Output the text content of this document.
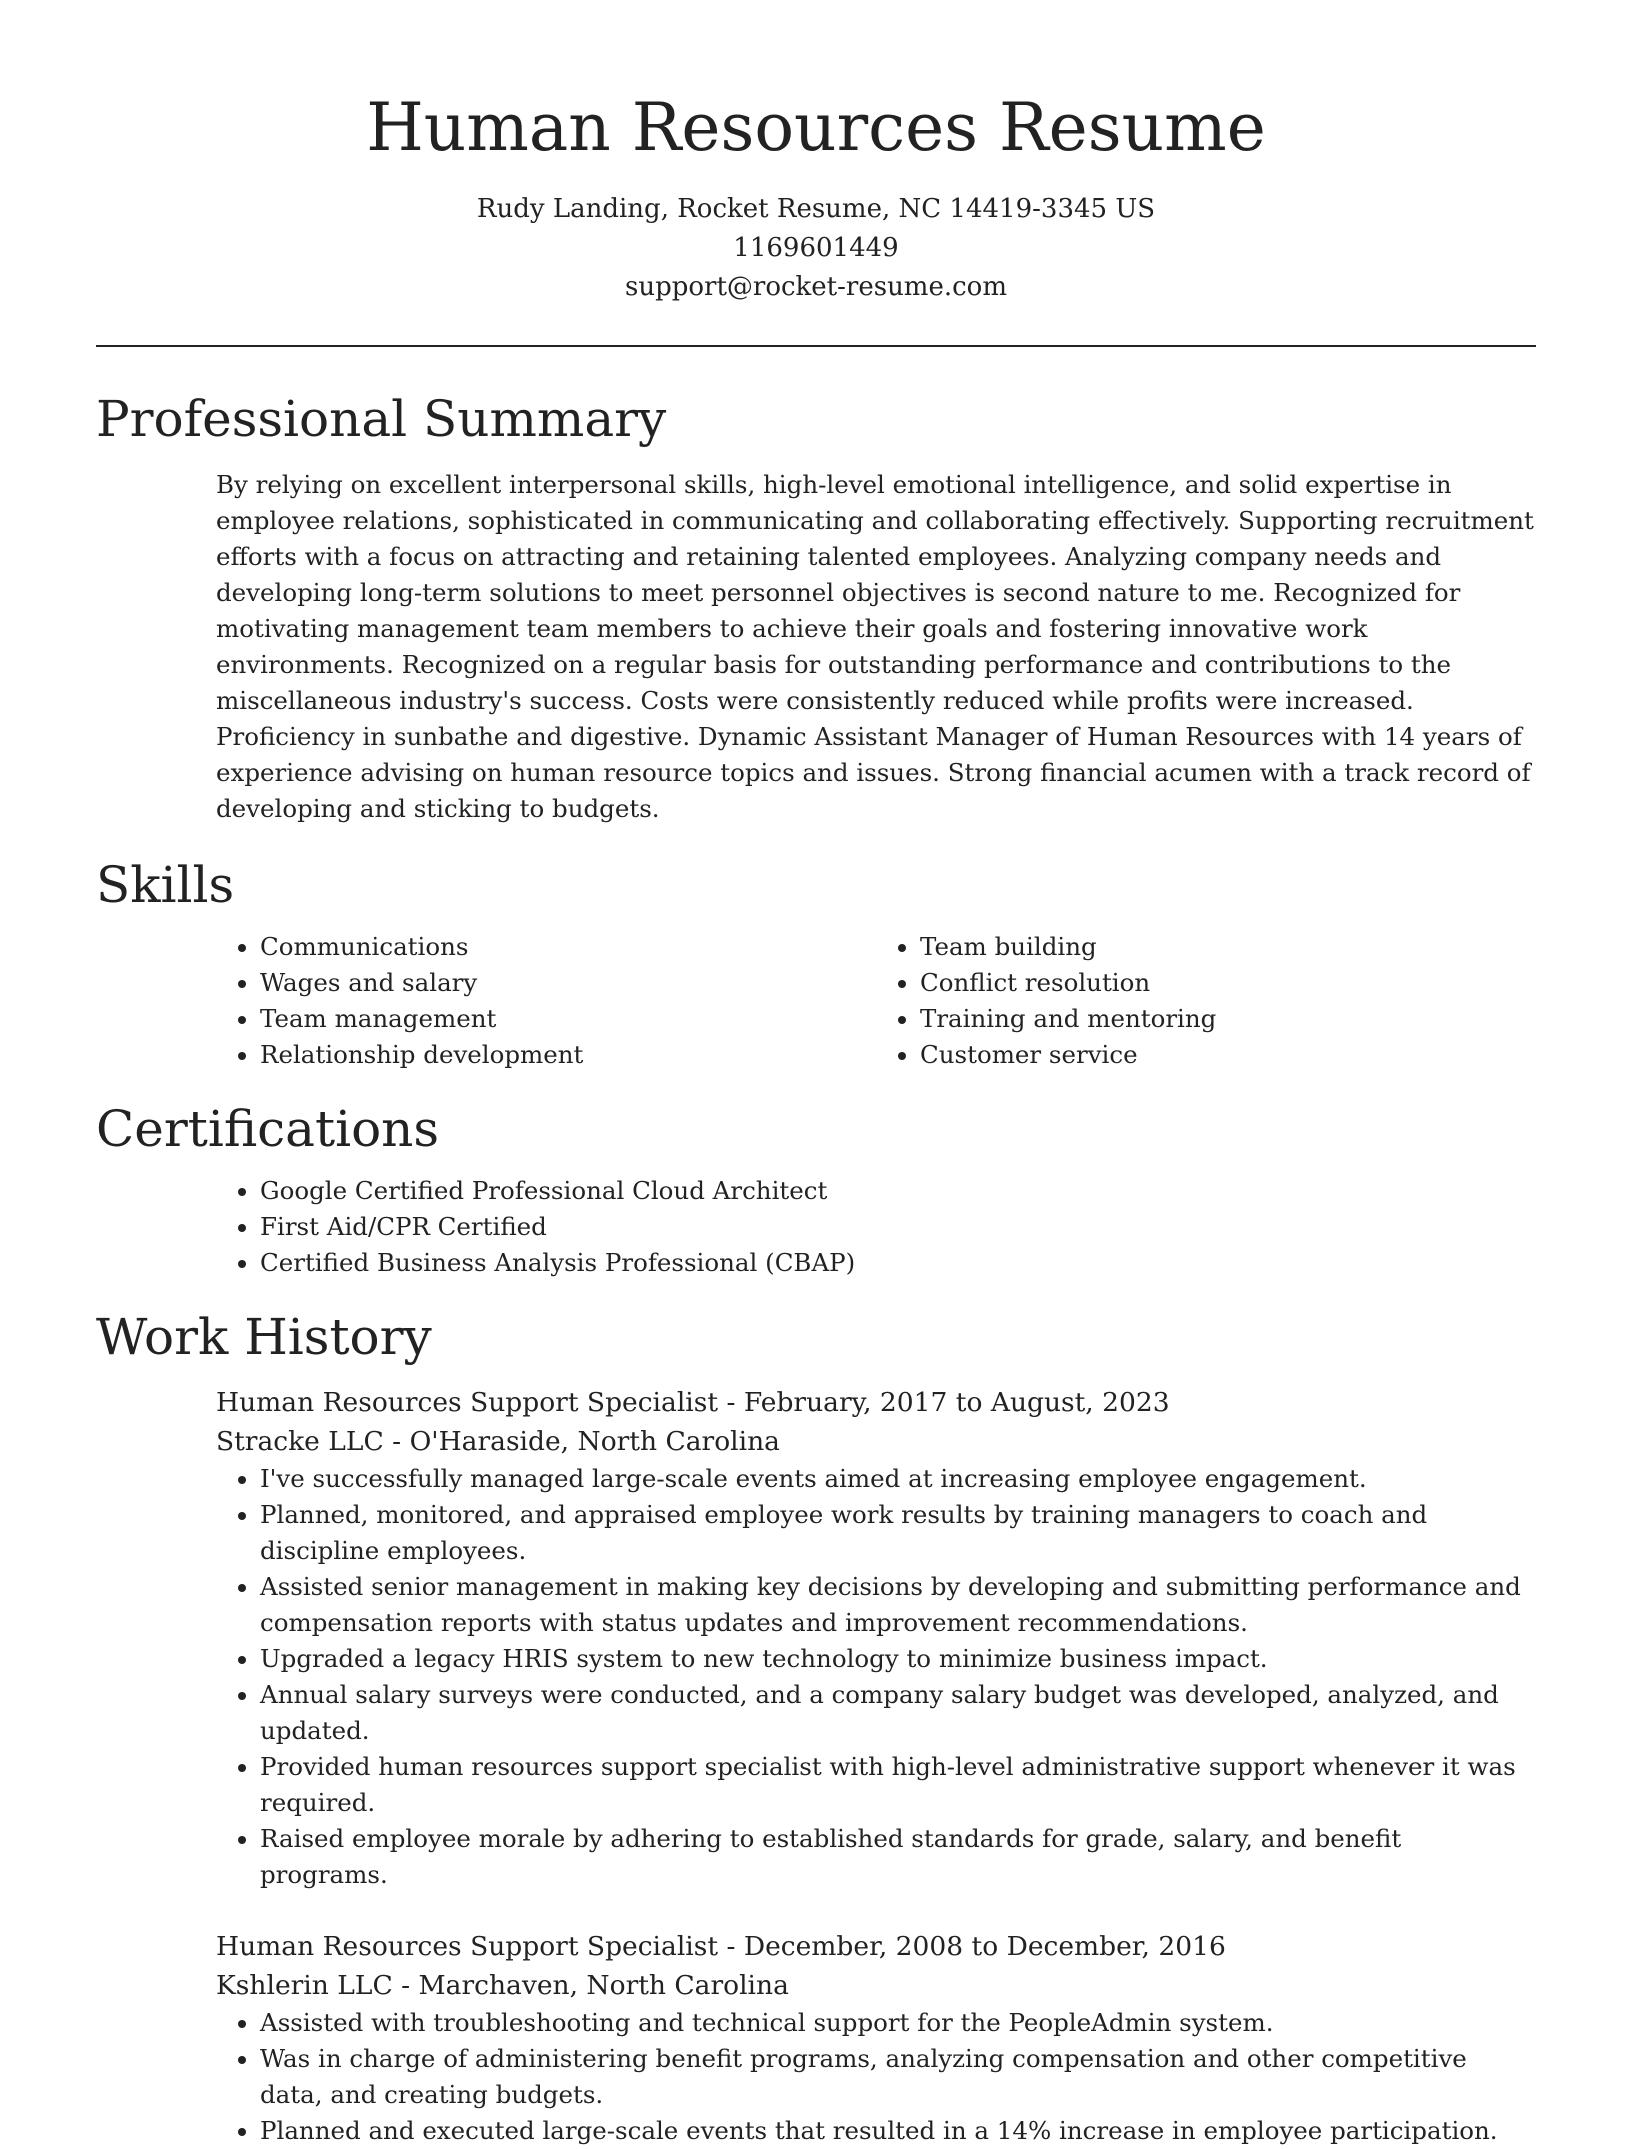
Human Resources Resume

Rudy Landing, Rocket Resume, NC 14419-3345 US

1169601449

support@rocket-resume.com

Professional Summary

By relying on excellent interpersonal skills, high-level emotional intelligence, and solid expertise in employee relations, sophisticated in communicating and collaborating effectively. Supporting recruitment efforts with a focus on attracting and retaining talented employees. Analyzing company needs and developing long-term solutions to meet personnel objectives is second nature to me. Recognized for motivating management team members to achieve their goals and fostering innovative work environments. Recognized on a regular basis for outstanding performance and contributions to the miscellaneous industry's success. Costs were consistently reduced while profits were increased. Proficiency in sunbathe and digestive. Dynamic Assistant Manager of Human Resources with 14 years of experience advising on human resource topics and issues. Strong financial acumen with a track record of developing and sticking to budgets.

Skills
• Communications
• Wages and salary
• Team management
• Relationship development
• Team building
• Conflict resolution
• Training and mentoring
• Customer service
Certifications
• Google Certified Professional Cloud Architect
• First Aid/CPR Certified
• Certified Business Analysis Professional (CBAP)
Work History

Human Resources Support Specialist - February, 2017 to August, 2023

Stracke LLC - O'Haraside, North Carolina

• I've successfully managed large-scale events aimed at increasing employee engagement.
• Planned, monitored, and appraised employee work results by training managers to coach and discipline employees.
• Assisted senior management in making key decisions by developing and submitting performance and compensation reports with status updates and improvement recommendations.
• Upgraded a legacy HRIS system to new technology to minimize business impact.
• Annual salary surveys were conducted, and a company salary budget was developed, analyzed, and updated.
• Provided human resources support specialist with high-level administrative support whenever it was required.
• Raised employee morale by adhering to established standards for grade, salary, and benefit programs.

Human Resources Support Specialist - December, 2008 to December, 2016

Kshlerin LLC - Marchaven, North Carolina

• Assisted with troubleshooting and technical support for the PeopleAdmin system.
• Was in charge of administering benefit programs, analyzing compensation and other competitive data, and creating budgets.
• Planned and executed large-scale events that resulted in a 14% increase in employee participation.
